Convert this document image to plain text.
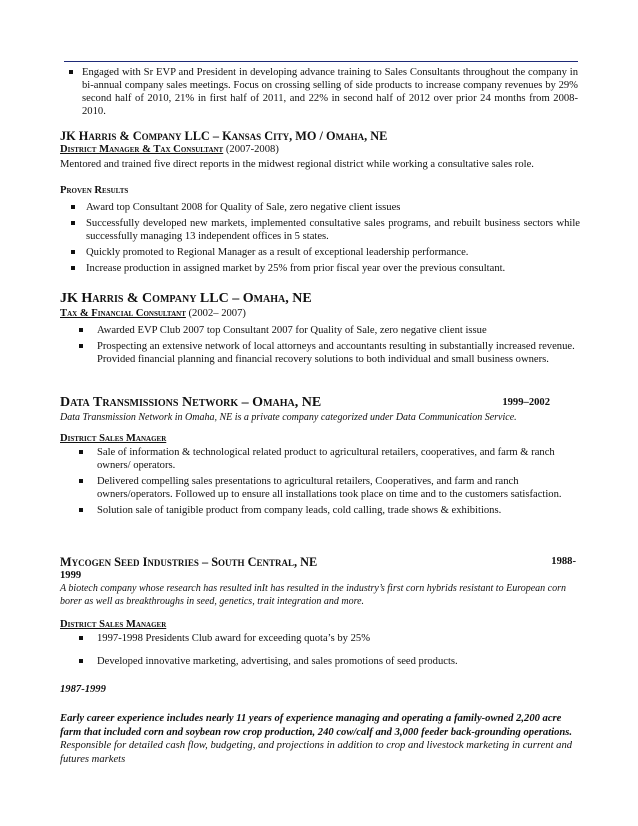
Engaged with Sr EVP and President in developing advance training to Sales Consultants throughout the company in bi-annual company sales meetings. Focus on crossing selling of side products to increase company revenues by 29% second half of 2010, 21% in first half of 2011, and 22% in second half of 2012 over prior 24 months from 2008-2010.
JK Harris & Company LLC – Kansas City, MO / Omaha, NE
District Manager & Tax Consultant (2007-2008)
Mentored and trained five direct reports in the midwest regional district while working a consultative sales role.
Proven Results
Award top Consultant 2008 for Quality of Sale, zero negative client issues
Successfully developed new markets, implemented consultative sales programs, and rebuilt business sectors while successfully managing 13 independent offices in 5 states.
Quickly promoted to Regional Manager as a result of exceptional leadership performance.
Increase production in assigned market by 25% from prior fiscal year over the previous consultant.
JK Harris & Company LLC – Omaha, NE
Tax & Financial Consultant (2002– 2007)
Awarded EVP Club 2007 top Consultant 2007 for Quality of Sale, zero negative client issue
Prospecting an extensive network of local attorneys and accountants resulting in substantially increased revenue. Provided financial planning and financial recovery solutions to both individual and small business owners.
Data Transmissions Network – Omaha, NE	1999–2002
Data Transmission Network in Omaha, NE is a private company categorized under Data Communication Service.
District Sales Manager
Sale of information & technological related product to agricultural retailers, cooperatives, and farm & ranch owners/ operators.
Delivered compelling sales presentations to agricultural retailers, Cooperatives, and farm and ranch owners/operators. Followed up to ensure all installations took place on time and to the customers satisfaction.
Solution sale of tanigible product from company leads, cold calling, trade shows & exhibitions.
Mycogen Seed Industries – South Central, NE	1988-
1999
A biotech company whose research has resulted inIt has resulted in the industry’s first corn hybrids resistant to European corn borer as well as breakthroughs in seed, genetics, trait integration and more.
District Sales Manager
1997-1998 Presidents Club award for exceeding quota’s by 25%
Developed innovative marketing, advertising, and sales promotions of seed products.
1987-1999
Early career experience includes nearly 11 years of experience managing and operating a family-owned 2,200 acre farm that included corn and soybean row crop production, 240 cow/calf and 3,000 feeder back-grounding operations. Responsible for detailed cash flow, budgeting, and projections in addition to crop and livestock marketing in current and futures markets
